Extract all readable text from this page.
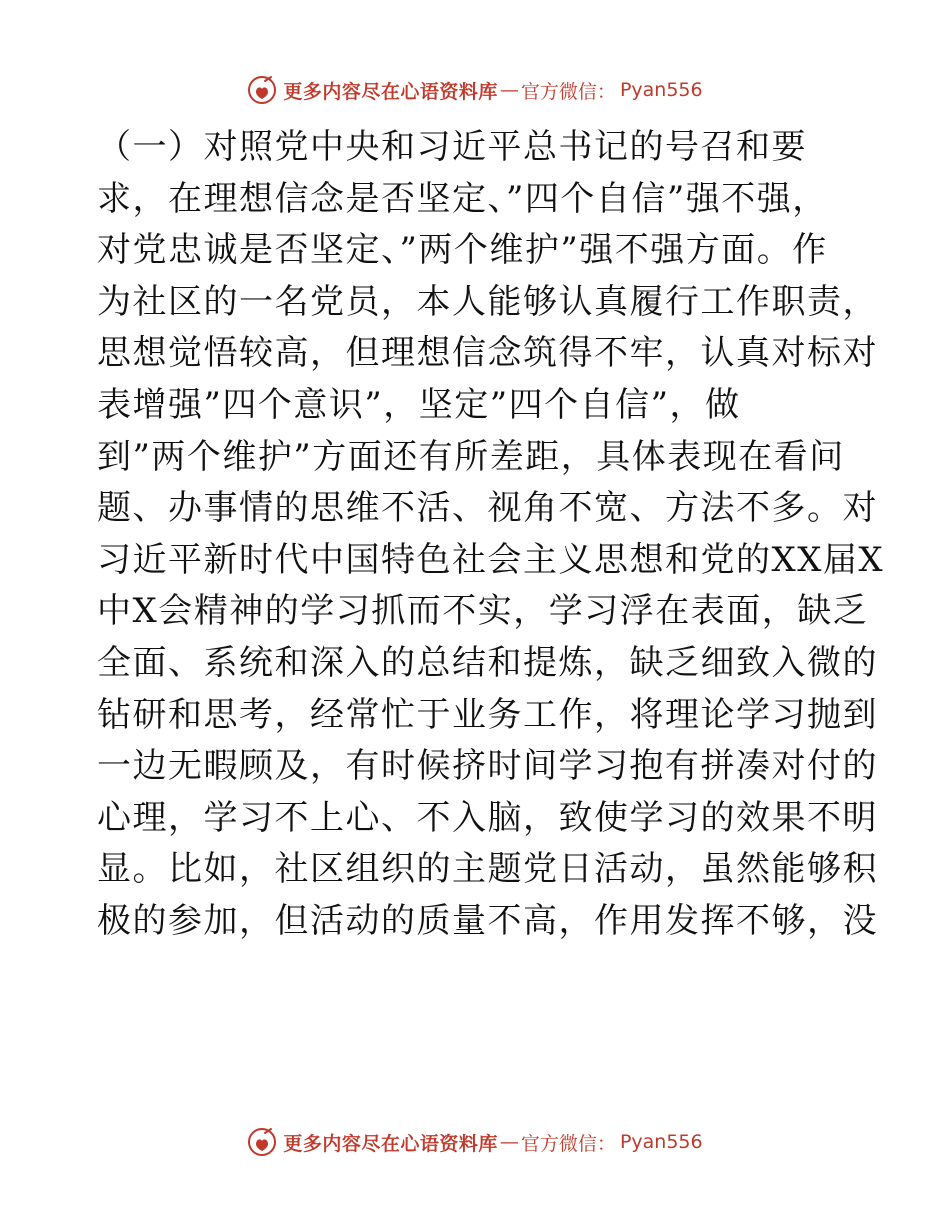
更多内容尽在心语资料库 — 官方微信： Pyan556
（一）对照党中央和习近平总书记的号召和要
求，在理想信念是否坚定、”四个自信”强不强，
对党忠诚是否坚定、”两个维护”强不强方面。作
为社区的一名党员，本人能够认真履行工作职责，
思想觉悟较高，但理想信念筑得不牢，认真对标对
表增强”四个意识”，坚定”四个自信”，做
到”两个维护”方面还有所差距，具体表现在看问
题、办事情的思维不活、视角不宽、方法不多。对
习近平新时代中国特色社会主义思想和党的XX届X
中X会精神的学习抓而不实，学习浮在表面，缺乏
全面、系统和深入的总结和提炼，缺乏细致入微的
钻研和思考，经常忙于业务工作，将理论学习抛到
一边无暇顾及，有时候挤时间学习抱有拼凑对付的
心理，学习不上心、不入脑，致使学习的效果不明
显。比如，社区组织的主题党日活动，虽然能够积
极的参加，但活动的质量不高，作用发挥不够，没
更多内容尽在心语资料库 — 官方微信： Pyan556
